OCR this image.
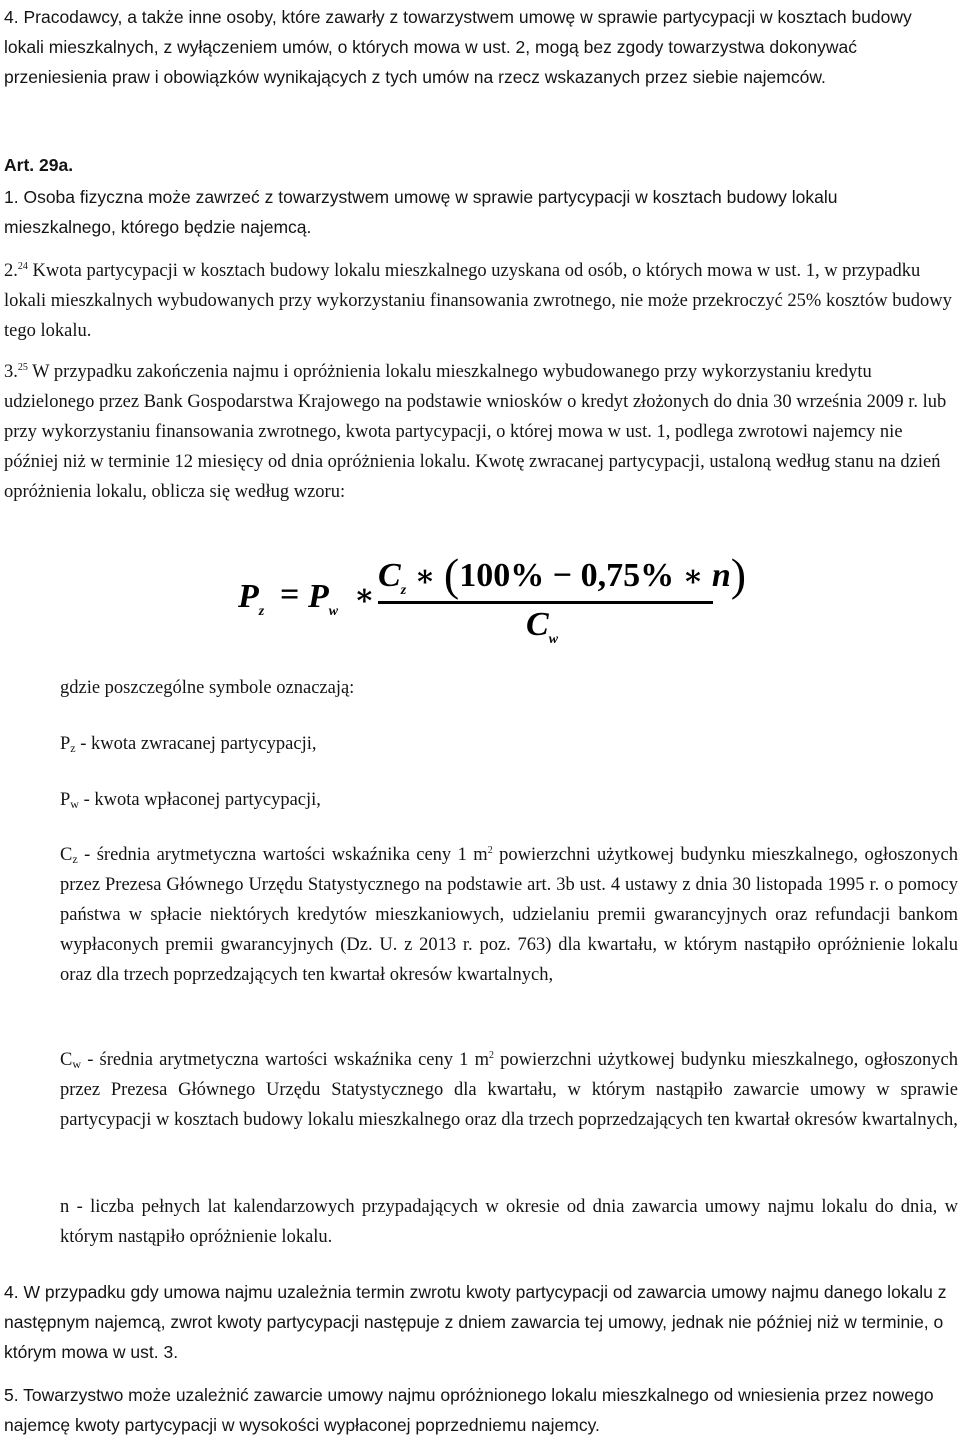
4. Pracodawcy, a także inne osoby, które zawarły z towarzystwem umowę w sprawie partycypacji w kosztach budowy lokali mieszkalnych, z wyłączeniem umów, o których mowa w ust. 2, mogą bez zgody towarzystwa dokonywać przeniesienia praw i obowiązków wynikających z tych umów na rzecz wskazanych przez siebie najemców.
Art. 29a.
1. Osoba fizyczna może zawrzeć z towarzystwem umowę w sprawie partycypacji w kosztach budowy lokalu mieszkalnego, którego będzie najemcą.
2.24 Kwota partycypacji w kosztach budowy lokalu mieszkalnego uzyskana od osób, o których mowa w ust. 1, w przypadku lokali mieszkalnych wybudowanych przy wykorzystaniu finansowania zwrotnego, nie może przekroczyć 25% kosztów budowy tego lokalu.
3.25 W przypadku zakończenia najmu i opróżnienia lokalu mieszkalnego wybudowanego przy wykorzystaniu kredytu udzielonego przez Bank Gospodarstwa Krajowego na podstawie wniosków o kredyt złożonych do dnia 30 września 2009 r. lub przy wykorzystaniu finansowania zwrotnego, kwota partycypacji, o której mowa w ust. 1, podlega zwrotowi najemcy nie później niż w terminie 12 miesięcy od dnia opróżnienia lokalu. Kwotę zwracanej partycypacji, ustaloną według stanu na dzień opróżnienia lokalu, oblicza się według wzoru:
$P_z = P_w$ ∗
$C_z$ ∗ (100% − 0,75% ∗ n)
$C_w$
gdzie poszczególne symbole oznaczają:
$P_z$ - kwota zwracanej partycypacji,
$P_w$ - kwota wpłaconej partycypacji,
$C_z$ - średnia arytmetyczna wartości wskaźnika ceny 1 $m^2$ powierzchni użytkowej budynku mieszkalnego, ogłoszonych przez Prezesa Głównego Urzędu Statystycznego na podstawie art. 3b ust. 4 ustawy z dnia 30 listopada 1995 r. o pomocy państwa w spłacie niektórych kredytów mieszkaniowych, udzielaniu premii gwarancyjnych oraz refundacji bankom wypłaconych premii gwarancyjnych (Dz. U. z 2013 r. poz. 763) dla kwartału, w którym nastąpiło opróżnienie lokalu oraz dla trzech poprzedzających ten kwartał okresów kwartalnych,
$C_w$ - średnia arytmetyczna wartości wskaźnika ceny 1 $m^2$ powierzchni użytkowej budynku mieszkalnego, ogłoszonych przez Prezesa Głównego Urzędu Statystycznego dla kwartału, w którym nastąpiło zawarcie umowy w sprawie partycypacji w kosztach budowy lokalu mieszkalnego oraz dla trzech poprzedzających ten kwartał okresów kwartalnych,
n - liczba pełnych lat kalendarzowych przypadających w okresie od dnia zawarcia umowy najmu lokalu do dnia, w którym nastąpiło opróżnienie lokalu.
4. W przypadku gdy umowa najmu uzależnia termin zwrotu kwoty partycypacji od zawarcia umowy najmu danego lokalu z następnym najemcą, zwrot kwoty partycypacji następuje z dniem zawarcia tej umowy, jednak nie później niż w terminie, o którym mowa w ust. 3.
5. Towarzystwo może uzależnić zawarcie umowy najmu opróżnionego lokalu mieszkalnego od wniesienia przez nowego najemcę kwoty partycypacji w wysokości wypłaconej poprzedniemu najemcy.
